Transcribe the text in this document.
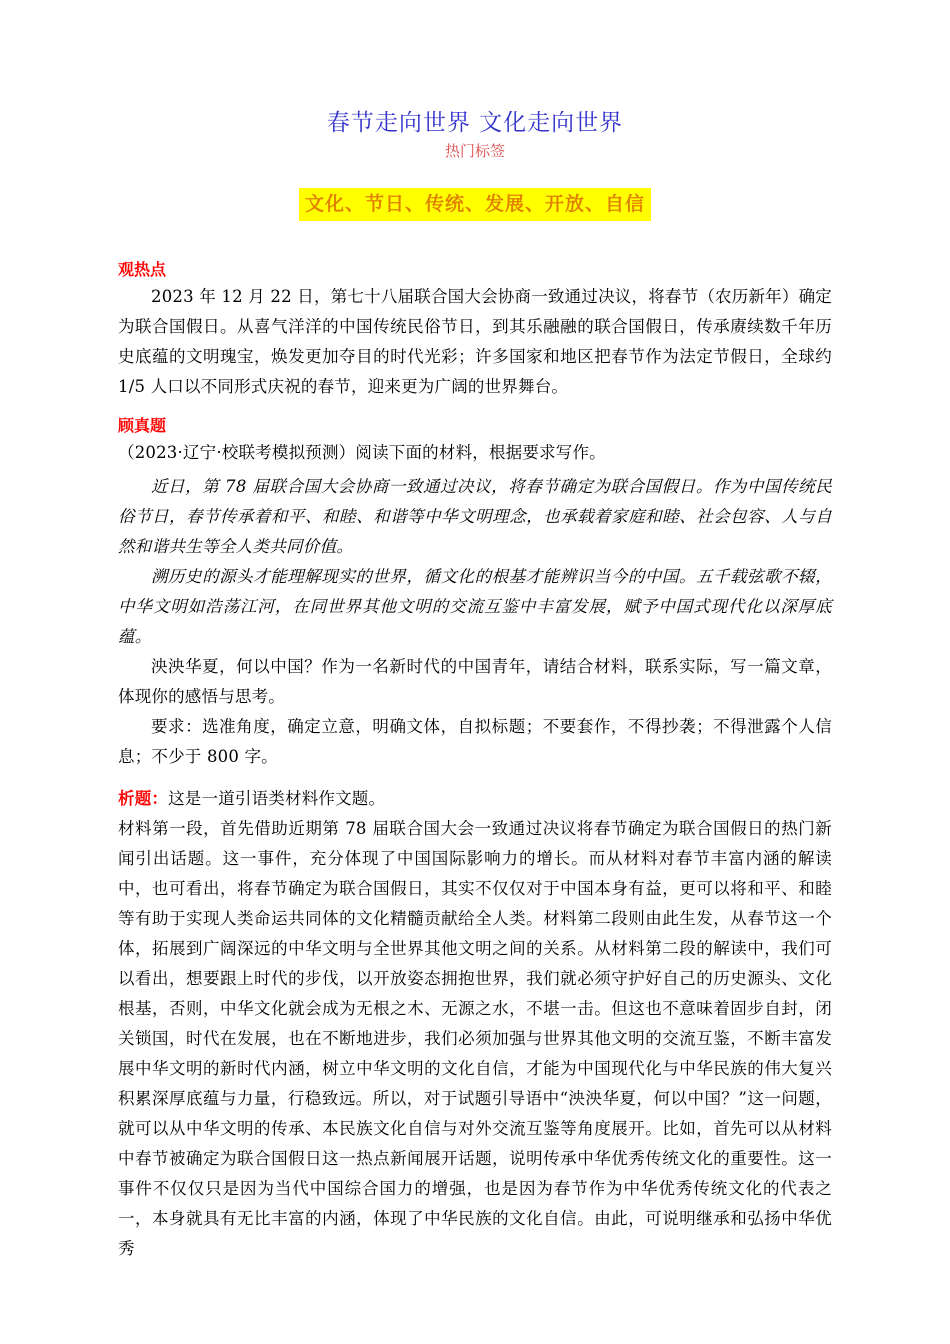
春节走向世界 文化走向世界
热门标签
文化、节日、传统、发展、开放、自信
观热点

2023 年 12 月 22 日，第七十八届联合国大会协商一致通过决议，将春节（农历新年）确定为联合国假日。从喜气洋洋的中国传统民俗节日，到其乐融融的联合国假日，传承赓续数千年历史底蕴的文明瑰宝，焕发更加夺目的时代光彩；许多国家和地区把春节作为法定节假日，全球约 1/5 人口以不同形式庆祝的春节，迎来更为广阔的世界舞台。

顾真题

（2023·辽宁·校联考模拟预测）阅读下面的材料，根据要求写作。

近日，第 78 届联合国大会协商一致通过决议，将春节确定为联合国假日。作为中国传统民俗节日，春节传承着和平、和睦、和谐等中华文明理念，也承载着家庭和睦、社会包容、人与自然和谐共生等全人类共同价值。

溯历史的源头才能理解现实的世界，循文化的根基才能辨识当今的中国。五千载弦歌不辍，中华文明如浩荡江河，在同世界其他文明的交流互鉴中丰富发展，赋予中国式现代化以深厚底蕴。

泱泱华夏，何以中国？作为一名新时代的中国青年，请结合材料，联系实际，写一篇文章，体现你的感悟与思考。

要求：选准角度，确定立意，明确文体，自拟标题；不要套作，不得抄袭；不得泄露个人信息；不少于 800 字。

析题：这是一道引语类材料作文题。

材料第一段，首先借助近期第 78 届联合国大会一致通过决议将春节确定为联合国假日的热门新闻引出话题。这一事件，充分体现了中国国际影响力的增长。而从材料对春节丰富内涵的解读中，也可看出，将春节确定为联合国假日，其实不仅仅对于中国本身有益，更可以将和平、和睦等有助于实现人类命运共同体的文化精髓贡献给全人类。材料第二段则由此生发，从春节这一个体，拓展到广阔深远的中华文明与全世界其他文明之间的关系。从材料第二段的解读中，我们可以看出，想要跟上时代的步伐，以开放姿态拥抱世界，我们就必须守护好自己的历史源头、文化根基，否则，中华文化就会成为无根之木、无源之水，不堪一击。但这也不意味着固步自封，闭关锁国，时代在发展，也在不断地进步，我们必须加强与世界其他文明的交流互鉴，不断丰富发展中华文明的新时代内涵，树立中华文明的文化自信，才能为中国现代化与中华民族的伟大复兴积累深厚底蕴与力量，行稳致远。所以，对于试题引导语中“泱泱华夏，何以中国？”这一问题，就可以从中华文明的传承、本民族文化自信与对外交流互鉴等角度展开。比如，首先可以从材料中春节被确定为联合国假日这一热点新闻展开话题，说明传承中华优秀传统文化的重要性。这一事件不仅仅只是因为当代中国综合国力的增强，也是因为春节作为中华优秀传统文化的代表之一，本身就具有无比丰富的内涵，体现了中华民族的文化自信。由此，可说明继承和弘扬中华优秀
